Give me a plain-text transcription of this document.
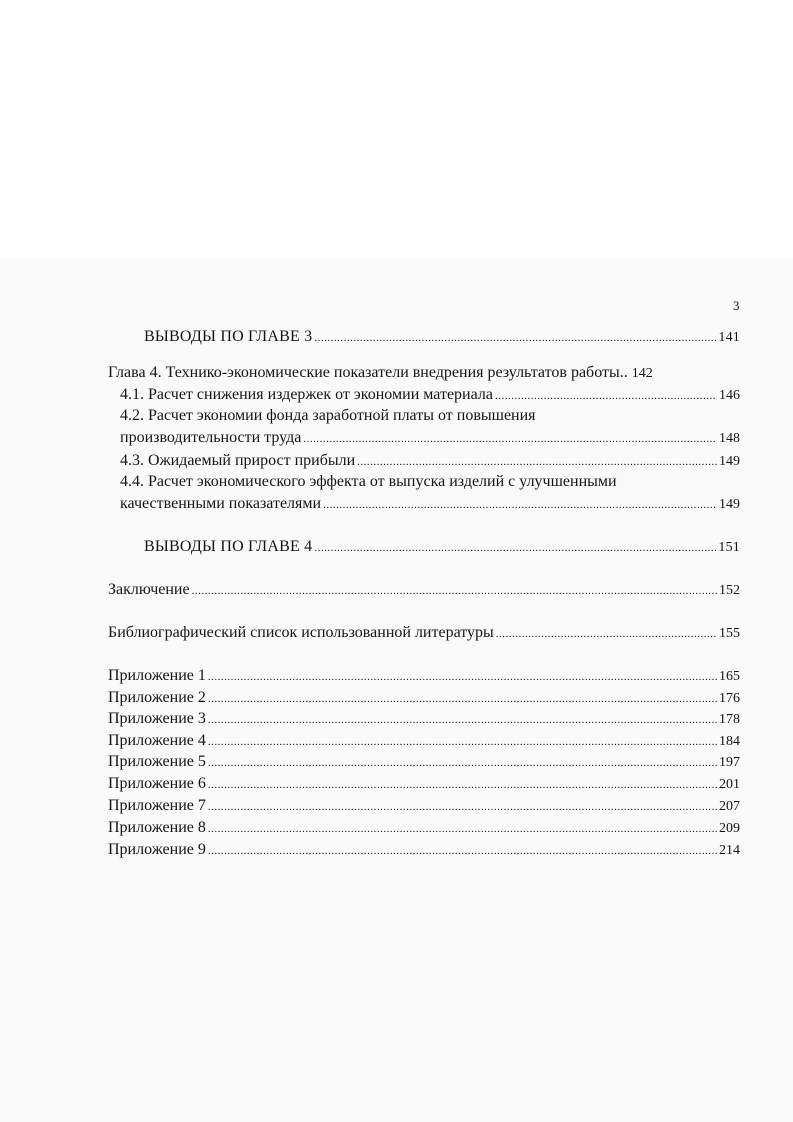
3
ВЫВОДЫ ПО ГЛАВЕ 3 .....	141
Глава 4. Технико-экономические показатели внедрения результатов работы.. 142
4.1. Расчет снижения издержек от экономии материала .....	146
4.2. Расчет экономии фонда заработной платы от повышения
производительности труда .....	148
4.3. Ожидаемый прирост прибыли .....	149
4.4. Расчет экономического эффекта от выпуска изделий с улучшенными
качественными показателями .....	149
ВЫВОДЫ ПО ГЛАВЕ 4 .....	151
Заключение .....	152
Библиографический список использованной литературы .....	155
Приложение 1 .....	165
Приложение 2 .....	176
Приложение 3 .....	178
Приложение 4 .....	184
Приложение 5 .....	197
Приложение 6 .....	201
Приложение 7 .....	207
Приложение 8 .....	209
Приложение 9 .....	214
